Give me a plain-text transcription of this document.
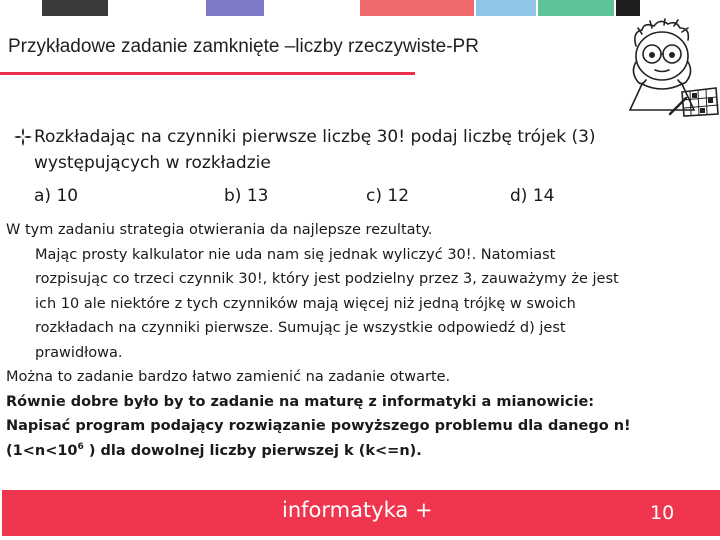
Przykładowe zadanie zamknięte –liczby rzeczywiste-PR
Rozkładając na czynniki pierwsze liczbę 30! podaj liczbę trójek (3)
występujących w rozkładzie
a) 10	b) 13	c) 12	d) 14

W tym zadaniu strategia otwierania da najlepsze rezultaty.

Mając prosty kalkulator nie uda nam się jednak wyliczyć 30!. Natomiast

rozpisując co trzeci czynnik 30!, który jest podzielny przez 3, zauważymy że jest

ich 10 ale niektóre z tych czynników mają więcej niż jedną trójkę w swoich

rozkładach na czynniki pierwsze. Sumując je wszystkie odpowiedź d) jest

prawidłowa.

Można to zadanie bardzo łatwo zamienić na zadanie otwarte.

Równie dobre było by to zadanie na maturę z informatyki a mianowicie:

Napisać program podający rozwiązanie powyższego problemu dla danego n!

($1<n<10^6$ ) dla dowolnej liczby pierwszej k (k<=n).

informatyka +	10
